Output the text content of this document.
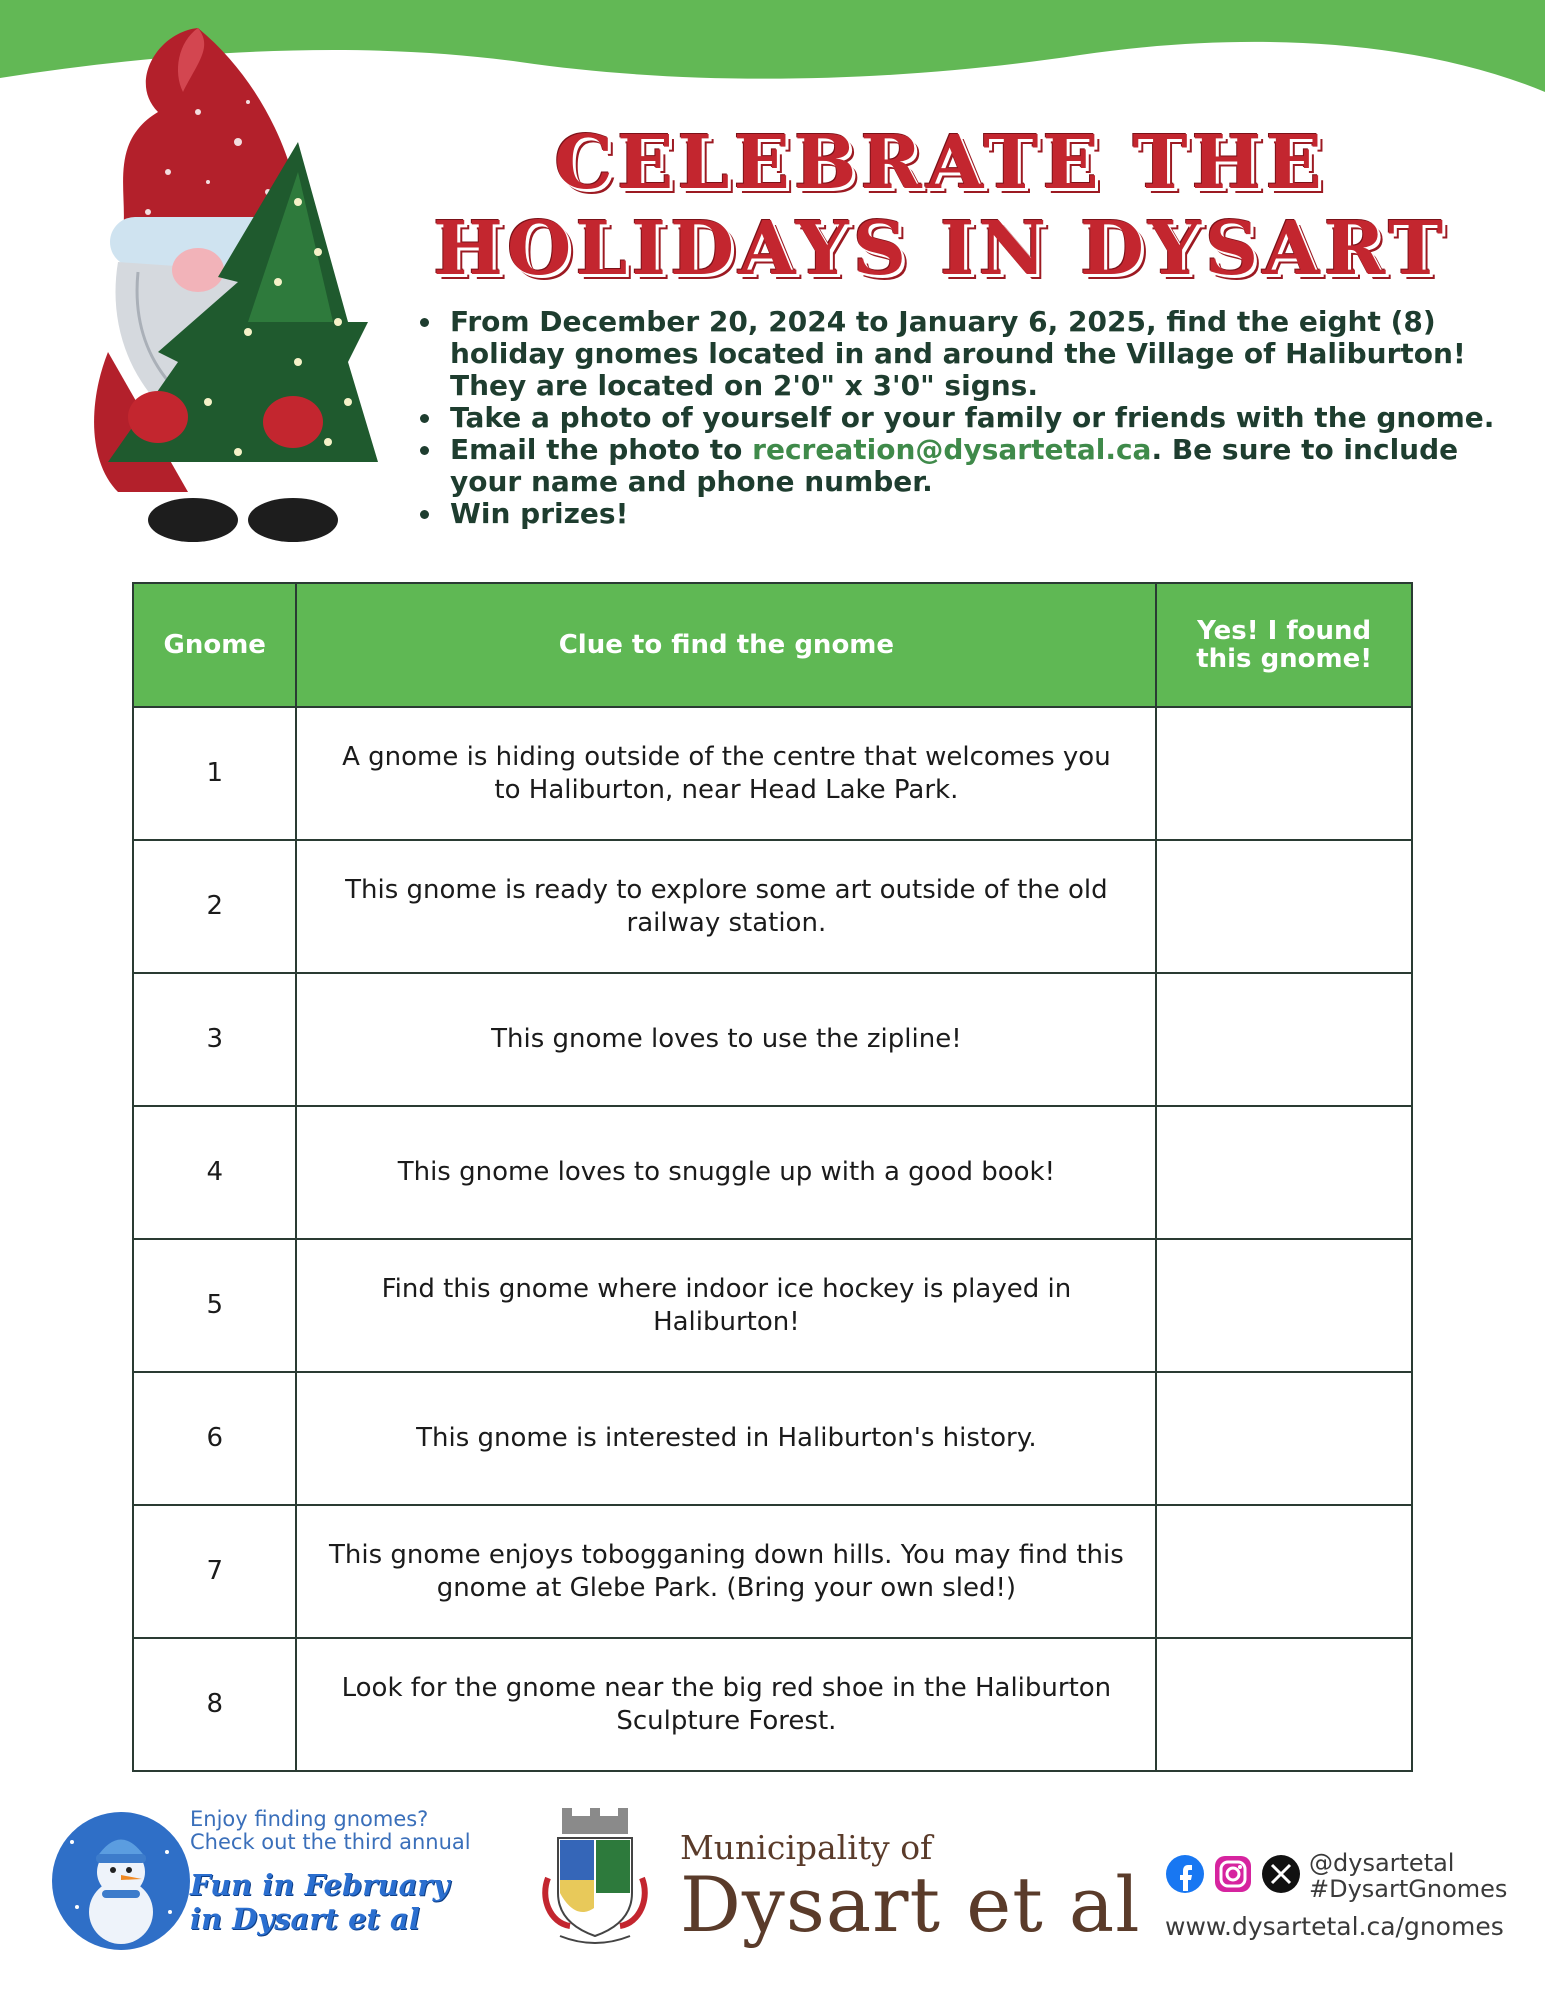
CELEBRATE THE
HOLIDAYS IN DYSART
From December 20, 2024 to January 6, 2025, find the eight (8) holiday gnomes located in and around the Village of Haliburton! They are located on 2'0" x 3'0" signs.
Take a photo of yourself or your family or friends with the gnome.
Email the photo to recreation@dysartetal.ca. Be sure to include your name and phone number.
Win prizes!
Gnome	Clue to find the gnome	Yes! I found
this gnome!
1	A gnome is hiding outside of the centre that welcomes you to Haliburton, near Head Lake Park.	
2	This gnome is ready to explore some art outside of the old railway station.	
3	This gnome loves to use the zipline!	
4	This gnome loves to snuggle up with a good book!	
5	Find this gnome where indoor ice hockey is played in Haliburton!	
6	This gnome is interested in Haliburton's history.	
7	This gnome enjoys tobogganing down hills. You may find this gnome at Glebe Park. (Bring your own sled!)	
8	Look for the gnome near the big red shoe in the Haliburton Sculpture Forest.	
Enjoy finding gnomes?
Check out the third annual
Fun in February
in Dysart et al
Municipality of
Dysart et al	@dysartetal
#DysartGnomes
www.dysartetal.ca/gnomes
